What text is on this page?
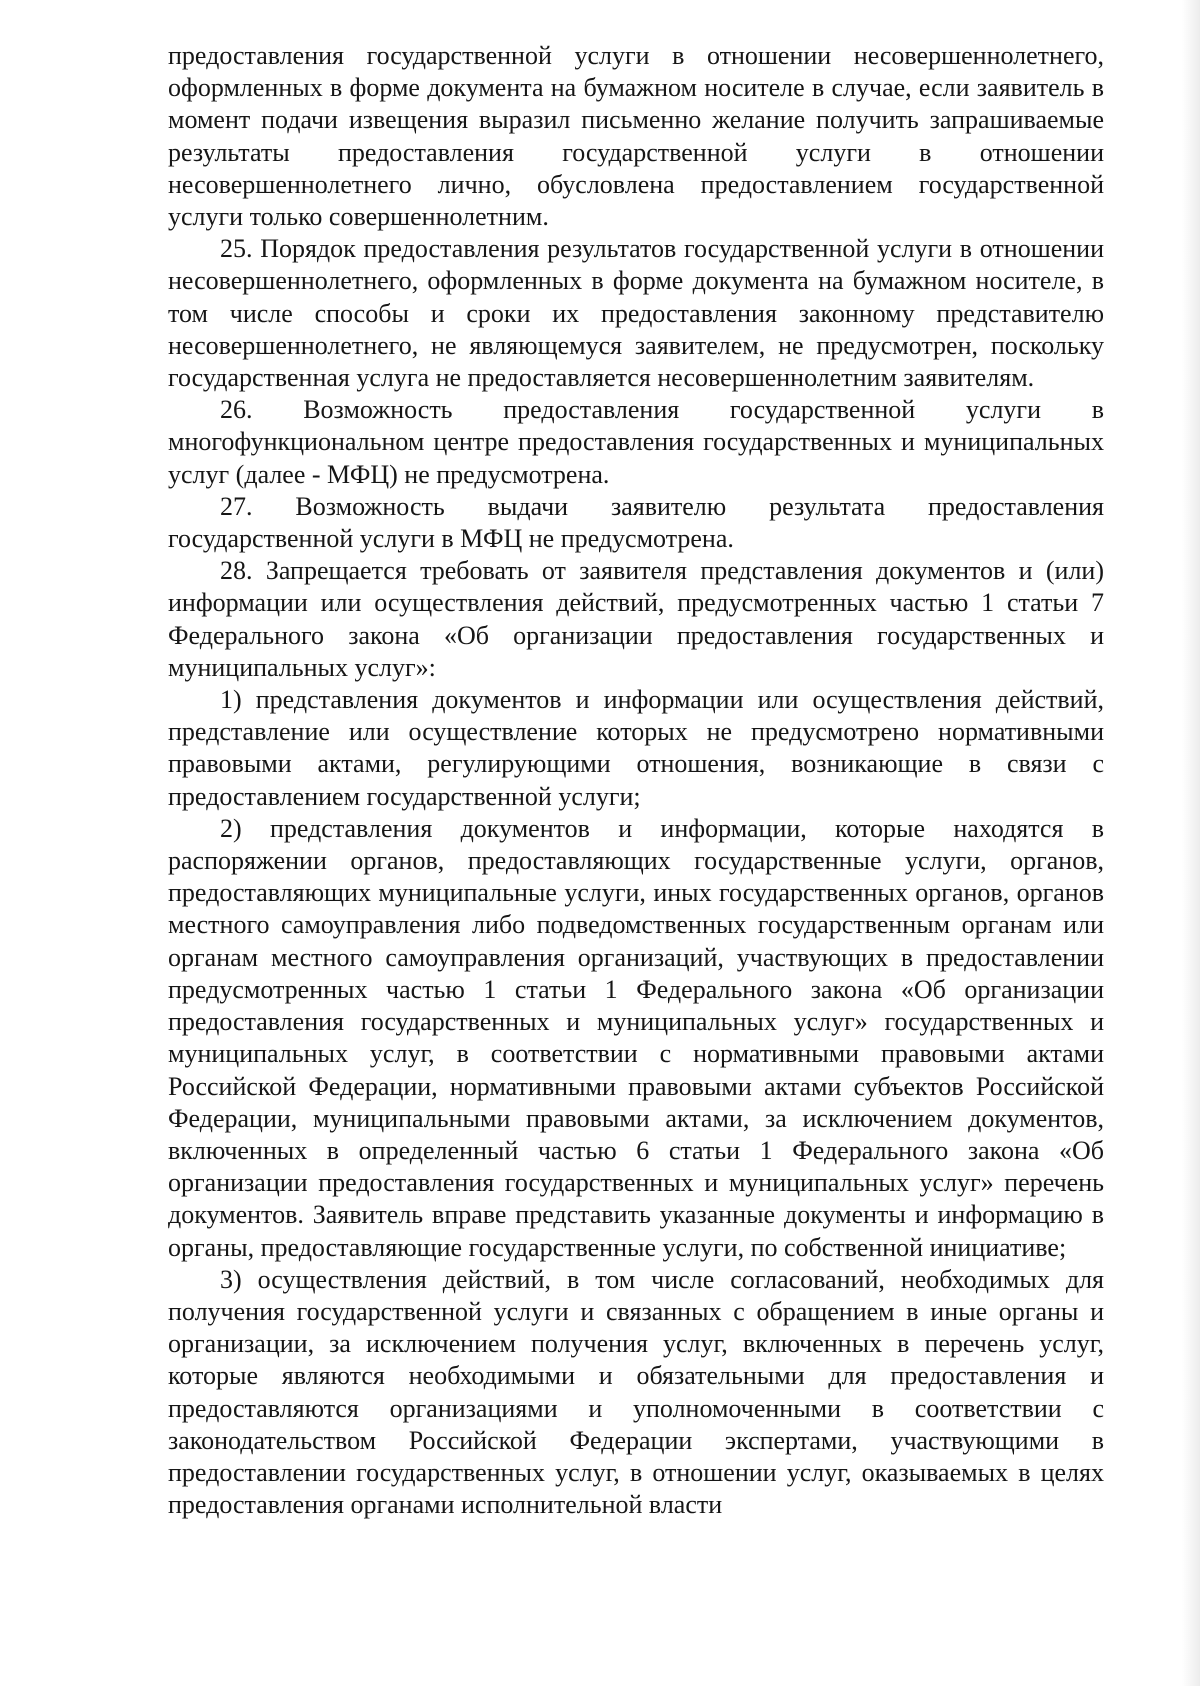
предоставления государственной услуги в отношении несовершеннолетнего, оформленных в форме документа на бумажном носителе в случае, если заявитель в момент подачи извещения выразил письменно желание получить запрашиваемые результаты предоставления государственной услуги в отношении несовершеннолетнего лично, обусловлена предоставлением государственной услуги только совершеннолетним.

25. Порядок предоставления результатов государственной услуги в отношении несовершеннолетнего, оформленных в форме документа на бумажном носителе, в том числе способы и сроки их предоставления законному представителю несовершеннолетнего, не являющемуся заявителем, не предусмотрен, поскольку государственная услуга не предоставляется несовершеннолетним заявителям.

26. Возможность предоставления государственной услуги в многофункциональном центре предоставления государственных и муниципальных услуг (далее - МФЦ) не предусмотрена.

27. Возможность выдачи заявителю результата предоставления государственной услуги в МФЦ не предусмотрена.

28. Запрещается требовать от заявителя представления документов и (или) информации или осуществления действий, предусмотренных частью 1 статьи 7 Федерального закона «Об организации предоставления государственных и муниципальных услуг»:

1) представления документов и информации или осуществления действий, представление или осуществление которых не предусмотрено нормативными правовыми актами, регулирующими отношения, возникающие в связи с предоставлением государственной услуги;

2) представления документов и информации, которые находятся в распоряжении органов, предоставляющих государственные услуги, органов, предоставляющих муниципальные услуги, иных государственных органов, органов местного самоуправления либо подведомственных государственным органам или органам местного самоуправления организаций, участвующих в предоставлении предусмотренных частью 1 статьи 1 Федерального закона «Об организации предоставления государственных и муниципальных услуг» государственных и муниципальных услуг, в соответствии с нормативными правовыми актами Российской Федерации, нормативными правовыми актами субъектов Российской Федерации, муниципальными правовыми актами, за исключением документов, включенных в определенный частью 6 статьи 1 Федерального закона «Об организации предоставления государственных и муниципальных услуг» перечень документов. Заявитель вправе представить указанные документы и информацию в органы, предоставляющие государственные услуги, по собственной инициативе;

3) осуществления действий, в том числе согласований, необходимых для получения государственной услуги и связанных с обращением в иные органы и организации, за исключением получения услуг, включенных в перечень услуг, которые являются необходимыми и обязательными для предоставления и предоставляются организациями и уполномоченными в соответствии с законодательством Российской Федерации экспертами, участвующими в предоставлении государственных услуг, в отношении услуг, оказываемых в целях предоставления органами исполнительной власти
